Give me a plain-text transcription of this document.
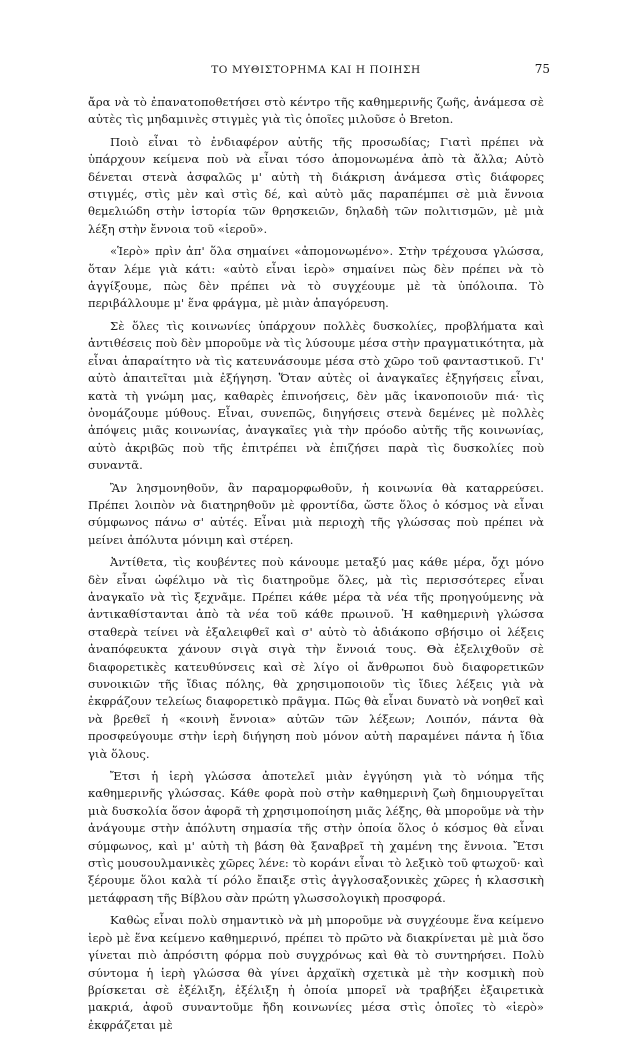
ΤΟ ΜΥΘΙΣΤΟΡΗΜΑ ΚΑΙ Η ΠΟΙΗΣΗ	75

ἄρα νὰ τὸ ἐπανατοποθετήσει στὸ κέντρο τῆς καθημερινῆς ζωῆς, ἀνάμεσα σὲ αὐτὲς τὶς μηδαμινὲς στιγμὲς γιὰ τὶς ὁποῖες μιλοῦσε ὁ Breton.

Ποιὸ εἶναι τὸ ἐνδιαφέρον αὐτῆς τῆς προσωδίας; Γιατὶ πρέπει νὰ ὑπάρχουν κείμενα ποὺ νὰ εἶναι τόσο ἀπομονωμένα ἀπὸ τὰ ἄλλα; Αὐτὸ δένεται στενὰ ἀσφαλῶς μ' αὐτὴ τὴ διάκριση ἀνάμεσα στὶς διάφορες στιγμές, στὶς μὲν καὶ στὶς δέ, καὶ αὐτὸ μᾶς παραπέμπει σὲ μιὰ ἔννοια θεμελιώδη στὴν ἱστορία τῶν θρησκειῶν, δηλαδὴ τῶν πολιτισμῶν, μὲ μιὰ λέξη στὴν ἔννοια τοῦ «ἱεροῦ».

«Ἱερὸ» πρὶν ἀπ' ὅλα σημαίνει «ἀπομονωμένο». Στὴν τρέχουσα γλώσσα, ὅταν λέμε γιὰ κάτι: «αὐτὸ εἶναι ἱερὸ» σημαίνει πὼς δὲν πρέπει νὰ τὸ ἀγγίξουμε, πὼς δὲν πρέπει νὰ τὸ συγχέουμε μὲ τὰ ὑπόλοιπα. Τὸ περιβάλλουμε μ' ἕνα φράγμα, μὲ μιὰν ἀπαγόρευση.

Σὲ ὅλες τὶς κοινωνίες ὑπάρχουν πολλὲς δυσκολίες, προβλήματα καὶ ἀντιθέσεις ποὺ δὲν μποροῦμε νὰ τὶς λύσουμε μέσα στὴν πραγματικότητα, μὰ εἶναι ἀπαραίτητο νὰ τὶς κατευνάσουμε μέσα στὸ χῶρο τοῦ φανταστικοῦ. Γι' αὐτὸ ἀπαιτεῖται μιὰ ἐξήγηση. Ὅταν αὐτὲς οἱ ἀναγκαῖες ἐξηγήσεις εἶναι, κατὰ τὴ γνώμη μας, καθαρὲς ἐπινοήσεις, δὲν μᾶς ἱκανοποιοῦν πιά· τὶς ὀνομάζουμε μύθους. Εἶναι, συνεπῶς, διηγήσεις στενὰ δεμένες μὲ πολλὲς ἀπόψεις μιᾶς κοινωνίας, ἀναγκαῖες γιὰ τὴν πρόοδο αὐτῆς τῆς κοινωνίας, αὐτὸ ἀκριβῶς ποὺ τῆς ἐπιτρέπει νὰ ἐπιζήσει παρὰ τὶς δυσκολίες ποὺ συναντᾶ.

Ἂν λησμονηθοῦν, ἂν παραμορφωθοῦν, ἡ κοινωνία θὰ καταρρεύσει. Πρέπει λοιπὸν νὰ διατηρηθοῦν μὲ φροντίδα, ὥστε ὅλος ὁ κόσμος νὰ εἶναι σύμφωνος πάνω σ' αὐτές. Εἶναι μιὰ περιοχὴ τῆς γλώσσας ποὺ πρέπει νὰ μείνει ἀπόλυτα μόνιμη καὶ στέρεη.

Ἀντίθετα, τὶς κουβέντες ποὺ κάνουμε μεταξύ μας κάθε μέρα, ὄχι μόνο δὲν εἶναι ὠφέλιμο νὰ τὶς διατηροῦμε ὅλες, μὰ τὶς περισσότερες εἶναι ἀναγκαῖο νὰ τὶς ξεχνᾶμε. Πρέπει κάθε μέρα τὰ νέα τῆς προηγούμενης νὰ ἀντικαθίστανται ἀπὸ τὰ νέα τοῦ κάθε πρωινοῦ. Ἡ καθημερινὴ γλώσσα σταθερὰ τείνει νὰ ἐξαλειφθεῖ καὶ σ' αὐτὸ τὸ ἀδιάκοπο σβήσιμο οἱ λέξεις ἀναπόφευκτα χάνουν σιγὰ σιγὰ τὴν ἔννοιά τους. Θὰ ἐξελιχθοῦν σὲ διαφορετικὲς κατευθύνσεις καὶ σὲ λίγο οἱ ἄνθρωποι δυὸ διαφορετικῶν συνοικιῶν τῆς ἴδιας πόλης, θὰ χρησιμοποιοῦν τὶς ἴδιες λέξεις γιὰ νὰ ἐκφράζουν τελείως διαφορετικὸ πρᾶγμα. Πῶς θὰ εἶναι δυνατὸ νὰ νοηθεῖ καὶ νὰ βρεθεῖ ἡ «κοινὴ ἔννοια» αὐτῶν τῶν λέξεων; Λοιπόν, πάντα θὰ προσφεύγουμε στὴν ἱερὴ διήγηση ποὺ μόνον αὐτὴ παραμένει πάντα ἡ ἴδια γιὰ ὅλους.

Ἔτσι ἡ ἱερὴ γλώσσα ἀποτελεῖ μιὰν ἐγγύηση γιὰ τὸ νόημα τῆς καθημερινῆς γλώσσας. Κάθε φορὰ ποὺ στὴν καθημερινὴ ζωὴ δημιουργεῖται μιὰ δυσκολία ὅσον ἀφορᾶ τὴ χρησιμοποίηση μιᾶς λέξης, θὰ μποροῦμε νὰ τὴν ἀνάγουμε στὴν ἀπόλυτη σημασία τῆς στὴν ὁποία ὅλος ὁ κόσμος θὰ εἶναι σύμφωνος, καὶ μ' αὐτὴ τὴ βάση θὰ ξαναβρεῖ τὴ χαμένη της ἔννοια. Ἔτσι στὶς μουσουλμανικὲς χῶρες λένε: τὸ κοράνι εἶναι τὸ λεξικὸ τοῦ φτωχοῦ· καὶ ξέρουμε ὅλοι καλὰ τί ρόλο ἔπαιξε στὶς ἀγγλοσαξονικὲς χῶρες ἡ κλασσικὴ μετάφραση τῆς Βίβλου σὰν πρώτη γλωσσολογικὴ προσφορά.

Καθὼς εἶναι πολὺ σημαντικὸ νὰ μὴ μποροῦμε νὰ συγχέουμε ἕνα κείμενο ἱερὸ μὲ ἕνα κείμενο καθημερινό, πρέπει τὸ πρῶτο νὰ διακρίνεται μὲ μιὰ ὅσο γίνεται πιὸ ἀπρόσιτη φόρμα ποὺ συγχρόνως καὶ θὰ τὸ συντηρήσει. Πολὺ σύντομα ἡ ἱερὴ γλώσσα θὰ γίνει ἀρχαϊκὴ σχετικὰ μὲ τὴν κοσμικὴ ποὺ βρίσκεται σὲ ἐξέλιξη, ἐξέλιξη ἡ ὁποία μπορεῖ νὰ τραβήξει ἐξαιρετικὰ μακριά, ἀφοῦ συναντοῦμε ἤδη κοινωνίες μέσα στὶς ὁποῖες τὸ «ἱερὸ» ἐκφράζεται μὲ
